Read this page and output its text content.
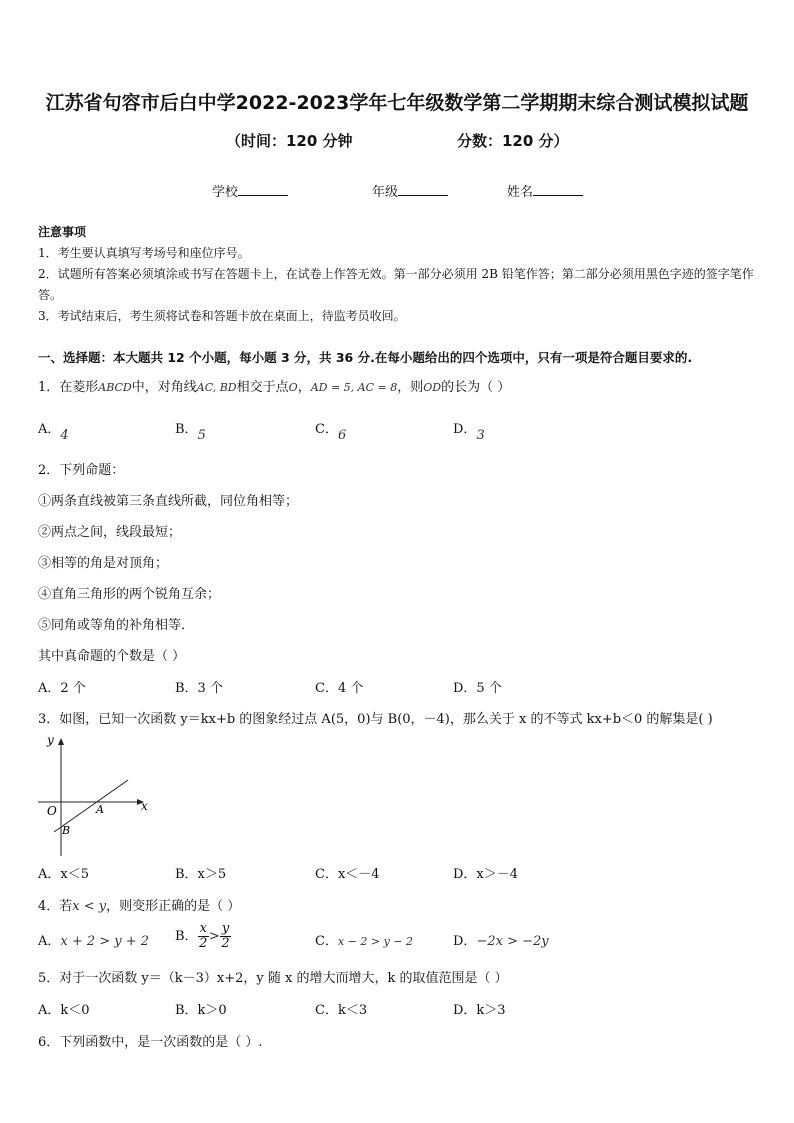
江苏省句容市后白中学2022-2023学年七年级数学第二学期期末综合测试模拟试题
（时间：120 分钟	分数：120 分）
学校	年级	姓名
注意事项
1．考生要认真填写考场号和座位序号。
2．试题所有答案必须填涂或书写在答题卡上，在试卷上作答无效。第一部分必须用 2B 铅笔作答；第二部分必须用黑色字迹的签字笔作答。
3．考试结束后，考生须将试卷和答题卡放在桌面上，待监考员收回。
一、选择题：本大题共 12 个小题，每小题 3 分，共 36 分.在每小题给出的四个选项中，只有一项是符合题目要求的.
1．在菱形ABCD中，对角线AC, BD相交于点O，AD = 5, AC = 8，则OD的长为（ ）
A．4	B．5	C．6	D．3
2．下列命题：
①两条直线被第三条直线所截，同位角相等；
②两点之间，线段最短；
③相等的角是对顶角；
④直角三角形的两个锐角互余；
⑤同角或等角的补角相等．
其中真命题的个数是（ ）
A．2 个	B．3 个	C．4 个	D．5 个
3．如图，已知一次函数 y＝kx+b 的图象经过点 A(5，0)与 B(0，－4)，那么关于 x 的不等式 kx+b＜0 的解集是( )
y
x
O	A
B
A．x＜5	B．x＞5	C．x＜－4	D．x＞－4
4．若x < y，则变形正确的是（ ）
A．x + 2 > y + 2 B． $\frac{x}{2} > \frac{y}{2}$	C．x − 2 > y − 2	D．−2x > −2y
5．对于一次函数 y＝（k－3）x+2，y 随 x 的增大而增大，k 的取值范围是（ ）
A．k＜0	B．k＞0	C．k＜3	D．k＞3
6．下列函数中，是一次函数的是（ ）.
